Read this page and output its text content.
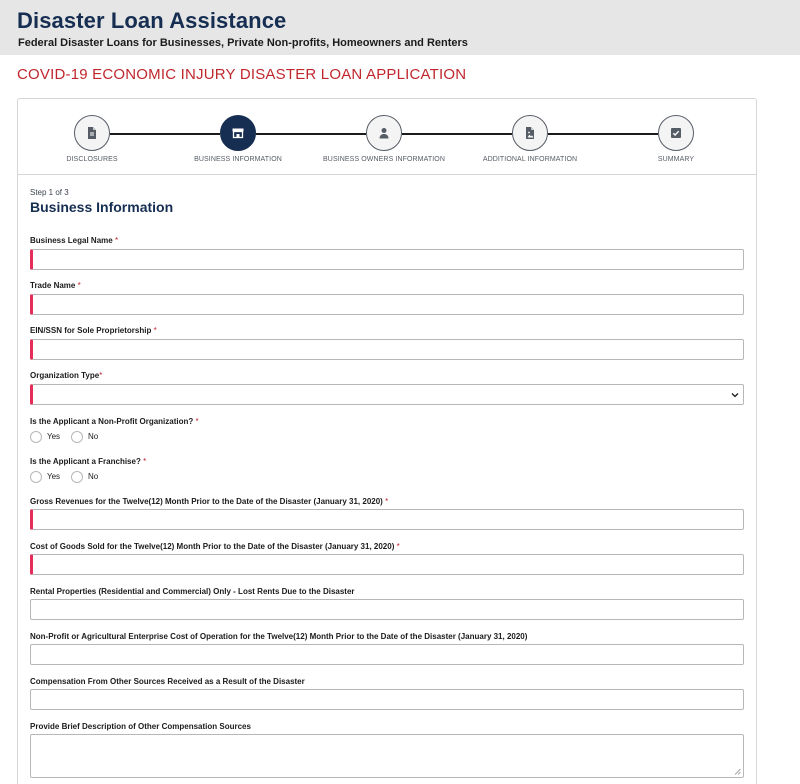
Disaster Loan Assistance
Federal Disaster Loans for Businesses, Private Non-profits, Homeowners and Renters
COVID-19 ECONOMIC INJURY DISASTER LOAN APPLICATION
DISCLOSURES	BUSINESS INFORMATION	BUSINESS OWNERS INFORMATION	ADDITIONAL INFORMATION	SUMMARY
Step 1 of 3
Business Information
Business Legal Name *
Trade Name *
EIN/SSN for Sole Proprietorship *
Organization Type*
Is the Applicant a Non-Profit Organization? *
Yes	No
Is the Applicant a Franchise? *
Yes	No
Gross Revenues for the Twelve(12) Month Prior to the Date of the Disaster (January 31, 2020) *
Cost of Goods Sold for the Twelve(12) Month Prior to the Date of the Disaster (January 31, 2020) *
Rental Properties (Residential and Commercial) Only - Lost Rents Due to the Disaster
Non-Profit or Agricultural Enterprise Cost of Operation for the Twelve(12) Month Prior to the Date of the Disaster (January 31, 2020)
Compensation From Other Sources Received as a Result of the Disaster
Provide Brief Description of Other Compensation Sources
